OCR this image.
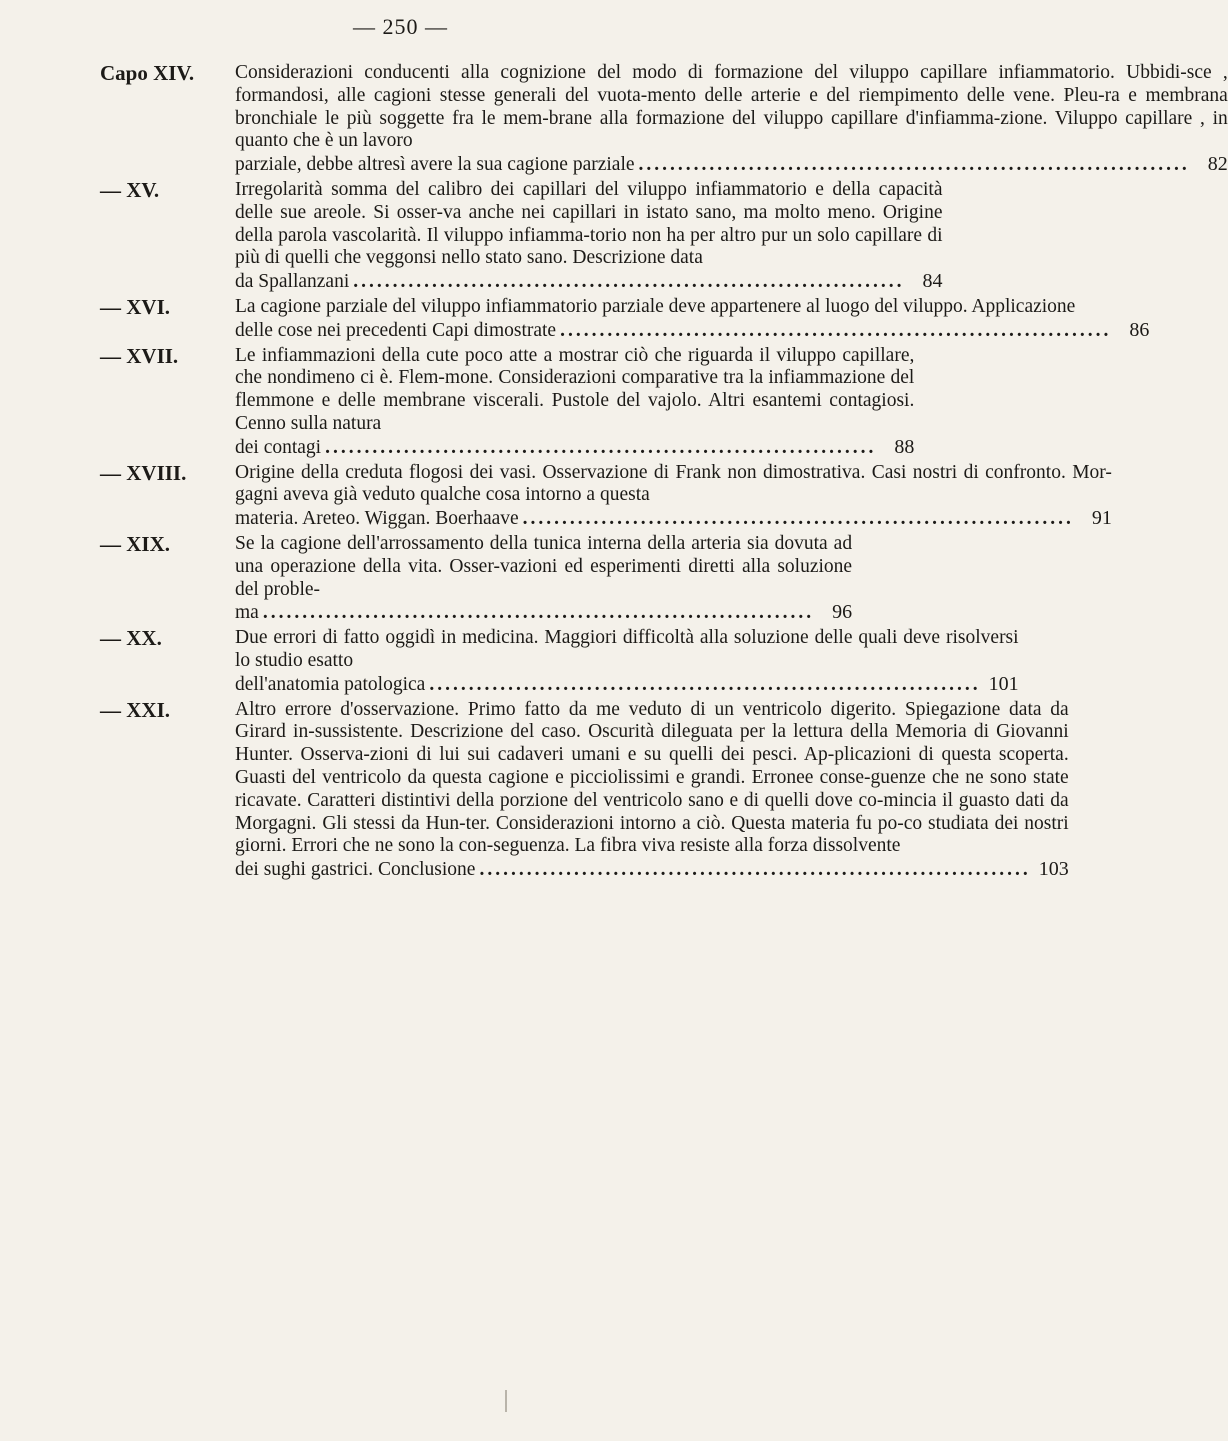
— 250 —
Capo XIV.	Considerazioni conducenti alla cognizione del modo di formazione del viluppo capillare infiammatorio. Ubbidi-sce , formandosi, alle cagioni stesse generali del vuota-mento delle arterie e del riempimento delle vene. Pleu-ra e membrana bronchiale le più soggette fra le mem-brane alla formazione del viluppo capillare d'infiamma-zione. Viluppo capillare , in quanto che è un lavoro

parziale, debbe altresì avere la sua cagione parziale ...................................................................... 82
— XV.	Irregolarità somma del calibro dei capillari del viluppo infiammatorio e della capacità delle sue areole. Si osser-va anche nei capillari in istato sano, ma molto meno. Origine della parola vascolarità. Il viluppo infiamma-torio non ha per altro pur un solo capillare di più di quelli che veggonsi nello stato sano. Descrizione data

da Spallanzani ...................................................................... 84
— XVI.	La cagione parziale del viluppo infiammatorio parziale deve appartenere al luogo del viluppo. Applicazione

delle cose nei precedenti Capi dimostrate ...................................................................... 86
— XVII.	Le infiammazioni della cute poco atte a mostrar ciò che riguarda il viluppo capillare, che nondimeno ci è. Flem-mone. Considerazioni comparative tra la infiammazione del flemmone e delle membrane viscerali. Pustole del vajolo. Altri esantemi contagiosi. Cenno sulla natura

dei contagi ...................................................................... 88
— XVIII.	Origine della creduta flogosi dei vasi. Osservazione di Frank non dimostrativa. Casi nostri di confronto. Mor-gagni aveva già veduto qualche cosa intorno a questa

materia. Areteo. Wiggan. Boerhaave ...................................................................... 91
— XIX.	Se la cagione dell'arrossamento della tunica interna della arteria sia dovuta ad una operazione della vita. Osser-vazioni ed esperimenti diretti alla soluzione del proble-

ma ...................................................................... 96
— XX.	Due errori di fatto oggidì in medicina. Maggiori difficoltà alla soluzione delle quali deve risolversi lo studio esatto

dell'anatomia patologica ...................................................................... 101
— XXI.	Altro errore d'osservazione. Primo fatto da me veduto di un ventricolo digerito. Spiegazione data da Girard in-sussistente. Descrizione del caso. Oscurità dileguata per la lettura della Memoria di Giovanni Hunter. Osserva-zioni di lui sui cadaveri umani e su quelli dei pesci. Ap-plicazioni di questa scoperta. Guasti del ventricolo da questa cagione e picciolissimi e grandi. Erronee conse-guenze che ne sono state ricavate. Caratteri distintivi della porzione del ventricolo sano e di quelli dove co-mincia il guasto dati da Morgagni. Gli stessi da Hun-ter. Considerazioni intorno a ciò. Questa materia fu po-co studiata dei nostri giorni. Errori che ne sono la con-seguenza. La fibra viva resiste alla forza dissolvente

dei sughi gastrici. Conclusione ...................................................................... 103
